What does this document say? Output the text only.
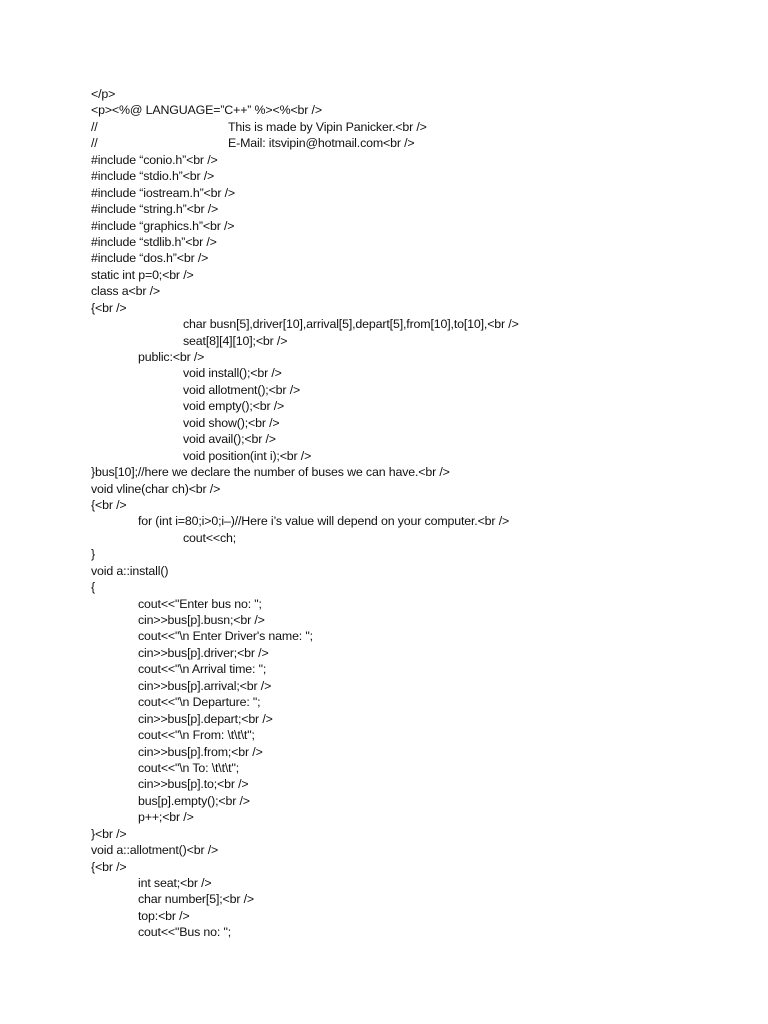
</p>
<p><%@ LANGUAGE=”C++” %><%<br />
//	This is made by Vipin Panicker.<br />
//	E-Mail: itsvipin@hotmail.com<br />
#include “conio.h”<br />
#include “stdio.h”<br />
#include “iostream.h”<br />
#include “string.h”<br />
#include “graphics.h”<br />
#include “stdlib.h”<br />
#include “dos.h”<br />
static int p=0;<br />
class a<br />
{<br />
char busn[5],driver[10],arrival[5],depart[5],from[10],to[10],<br />
seat[8][4][10];<br />
public:<br />
void install();<br />
void allotment();<br />
void empty();<br />
void show();<br />
void avail();<br />
void position(int i);<br />
}bus[10];//here we declare the number of buses we can have.<br />
void vline(char ch)<br />
{<br />
for (int i=80;i>0;i–)//Here i’s value will depend on your computer.<br />
cout<<ch;
}
void a::install()
{
cout<<"Enter bus no: ";
cin>>bus[p].busn;<br />
cout<<"\n Enter Driver's name: ";
cin>>bus[p].driver;<br />
cout<<"\n Arrival time: ";
cin>>bus[p].arrival;<br />
cout<<"\n Departure: ";
cin>>bus[p].depart;<br />
cout<<"\n From: \t\t\t";
cin>>bus[p].from;<br />
cout<<"\n To: \t\t\t";
cin>>bus[p].to;<br />
bus[p].empty();<br />
p++;<br />
}<br />
void a::allotment()<br />
{<br />
int seat;<br />
char number[5];<br />
top:<br />
cout<<"Bus no: ";
